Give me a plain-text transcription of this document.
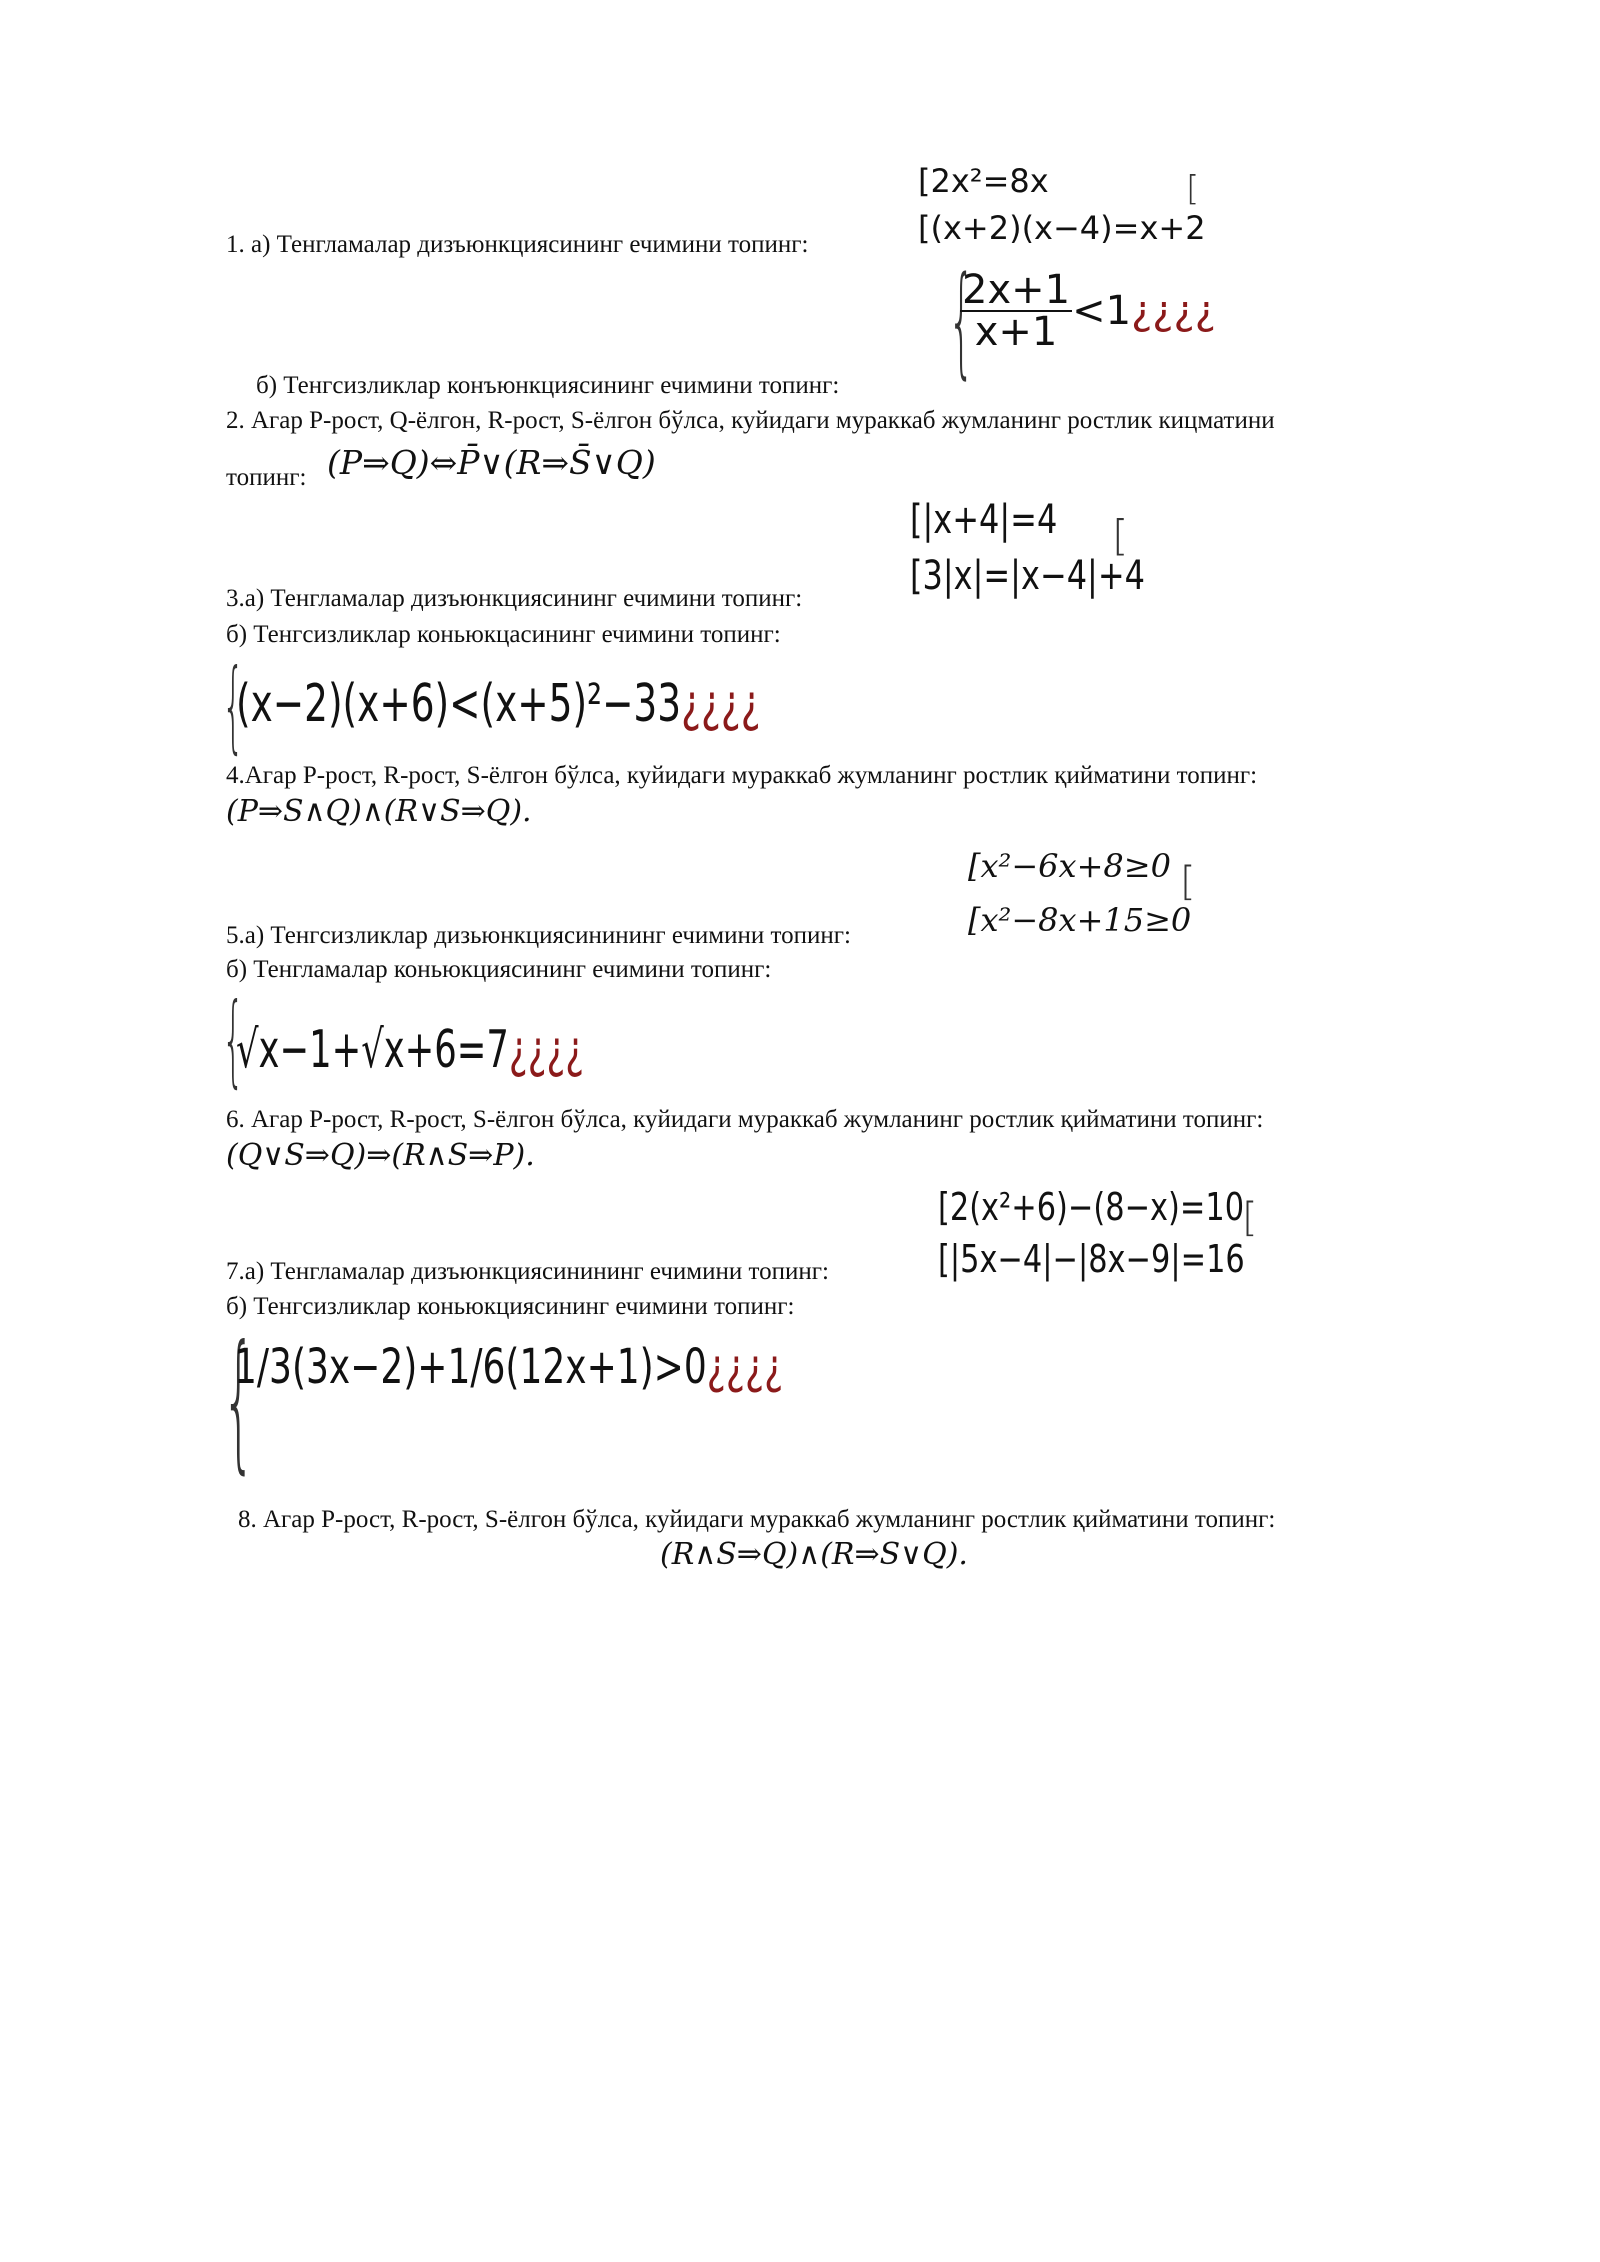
[2x²=8x
[(x+2)(x−4)=x+2
[
1. а) Тенгламалар дизъюнкциясининг ечимини топинг:
{
$\frac{2x+1}{x+1}$ <1¿¿¿¿
б) Тенгсизликлар конъюнкциясининг ечимини топинг:
2. Агар P-рост, Q-ёлгон, R-рост, S-ёлгон бўлса, куйидаги мураккаб жумланинг ростлик кицматини
топинг: (P⇒Q)⇔P̄∨(R⇒S̄∨Q)
[|x+4|=4
[3|x|=|x−4|+4
[
3.а) Тенгламалар дизъюнкциясининг ечимини топинг:
б) Тенгсизликлар коньюкцасининг ечимини топинг:
{
(x−2)(x+6)<(x+5)²−33¿¿¿¿
4.Агар P-рост, R-рост, S-ёлгон бўлса, куйидаги мураккаб жумланинг ростлик қийматини топинг:
(P⇒S∧Q)∧(R∨S⇒Q).
[x²−6x+8≥0
[x²−8x+15≥0
[
5.а) Тенгсизликлар дизьюнкциясинининг ечимини топинг:
б) Тенгламалар коньюкциясининг ечимини топинг:
{
√x−1+√x+6=7¿¿¿¿
6. Агар P-рост, R-рост, S-ёлгон бўлса, куйидаги мураккаб жумланинг ростлик қийматини топинг:
(Q∨S⇒Q)⇒(R∧S⇒P).
[2(x²+6)−(8−x)=10
[|5x−4|−|8x−9|=16
[
7.а) Тенгламалар дизъюнкциясинининг ечимини топинг:
б) Тенгсизликлар коньюкциясининг ечимини топинг:
{
1/3(3x−2)+1/6(12x+1)>0¿¿¿¿
8. Агар P-рост, R-рост, S-ёлгон бўлса, куйидаги мураккаб жумланинг ростлик қийматини топинг:
(R∧S⇒Q)∧(R⇒S∨Q).
